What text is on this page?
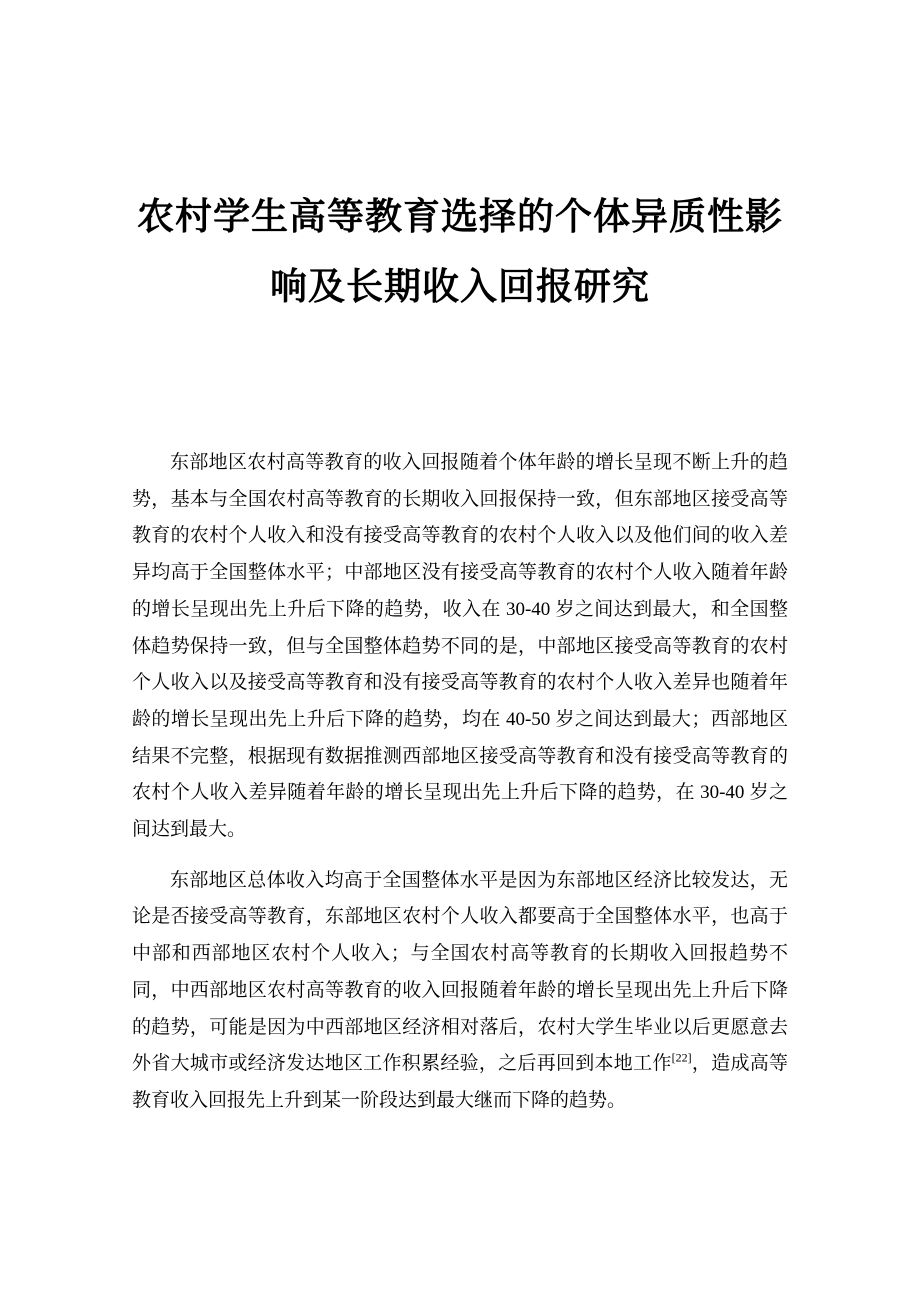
农村学生高等教育选择的个体异质性影
响及长期收入回报研究

东部地区农村高等教育的收入回报随着个体年龄的增长呈现不断上升的趋势，基本与全国农村高等教育的长期收入回报保持一致，但东部地区接受高等教育的农村个人收入和没有接受高等教育的农村个人收入以及他们间的收入差异均高于全国整体水平；中部地区没有接受高等教育的农村个人收入随着年龄的增长呈现出先上升后下降的趋势，收入在 30-40 岁之间达到最大，和全国整体趋势保持一致，但与全国整体趋势不同的是，中部地区接受高等教育的农村个人收入以及接受高等教育和没有接受高等教育的农村个人收入差异也随着年龄的增长呈现出先上升后下降的趋势，均在 40-50 岁之间达到最大；西部地区结果不完整，根据现有数据推测西部地区接受高等教育和没有接受高等教育的农村个人收入差异随着年龄的增长呈现出先上升后下降的趋势，在 30-40 岁之间达到最大。

东部地区总体收入均高于全国整体水平是因为东部地区经济比较发达，无论是否接受高等教育，东部地区农村个人收入都要高于全国整体水平，也高于中部和西部地区农村个人收入；与全国农村高等教育的长期收入回报趋势不同，中西部地区农村高等教育的收入回报随着年龄的增长呈现出先上升后下降的趋势，可能是因为中西部地区经济相对落后，农村大学生毕业以后更愿意去外省大城市或经济发达地区工作积累经验，之后再回到本地工作[22]，造成高等教育收入回报先上升到某一阶段达到最大继而下降的趋势。
